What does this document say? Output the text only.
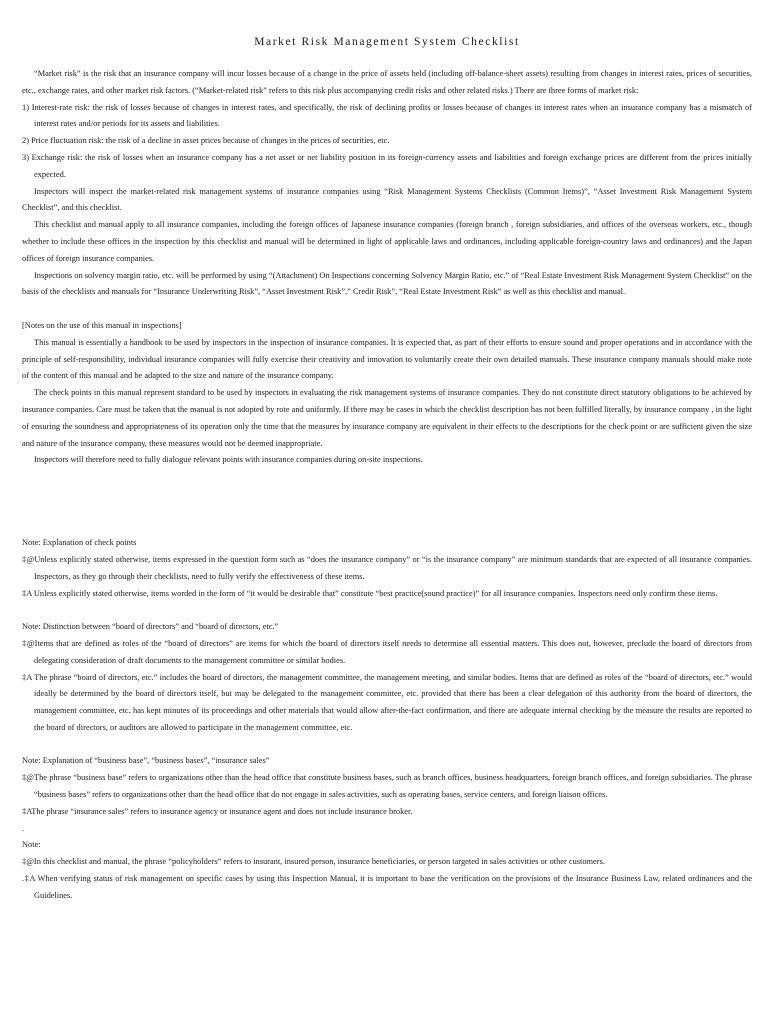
Market Risk Management System Checklist

“Market risk” is the risk that an insurance company will incur losses because of a change in the price of assets held (including off-balance-sheet assets) resulting from changes in interest rates, prices of securities, etc., exchange rates, and other market risk factors. (“Market-related risk” refers to this risk plus accompanying credit risks and other related risks.) There are three forms of market risk:

1) Interest-rate risk: the risk of losses because of changes in interest rates, and specifically, the risk of declining profits or losses because of changes in interest rates when an insurance company has a mismatch of interest rates and/or periods for its assets and liabilities.

2) Price fluctuation risk: the risk of a decline in asset prices because of changes in the prices of securities, etc.

3) Exchange risk: the risk of losses when an insurance company has a net asset or net liability position in its foreign-currency assets and liabilities and foreign exchange prices are different from the prices initially expected.

Inspectors will inspect the market-related risk management systems of insurance companies using “Risk Management Systems Checklists (Common Items)”, “Asset Investment Risk Management System Checklist”, and this checklist.

This checklist and manual apply to all insurance companies, including the foreign offices of Japanese insurance companies (foreign branch , foreign subsidiaries, and offices of the overseas workers, etc., though whether to include these offices in the inspection by this checklist and manual will be determined in light of applicable laws and ordinances, including applicable foreign-country laws and ordinances) and the Japan offices of foreign insurance companies.

Inspections on solvency margin ratio, etc. will be performed by using “(Attachment) On Inspections concerning Solvency Margin Ratio, etc.” of “Real Estate Investment Risk Management System Checklist” on the basis of the checklists and manuals for “Insurance Underwriting Risk”, “Asset Investment Risk”,” Credit Risk”, “Real Estate Investment Risk” as well as this checklist and manual.

[Notes on the use of this manual in inspections]

This manual is essentially a handbook to be used by inspectors in the inspection of insurance companies. It is expected that, as part of their efforts to ensure sound and proper operations and in accordance with the principle of self-responsibility, individual insurance companies will fully exercise their creativity and innovation to voluntarily create their own detailed manuals. These insurance company manuals should make note of the content of this manual and be adapted to the size and nature of the insurance company.

The check points in this manual represent standard to be used by inspectors in evaluating the risk management systems of insurance companies. They do not constitute direct statutory obligations to be achieved by insurance companies. Care must be taken that the manual is not adopted by rote and uniformly. If there may be cases in which the checklist description has not been fulfilled literally, by insurance company , in the light of ensuring the soundness and appropriateness of its operation only the time that the measures by insurance company are equivalent in their effects to the descriptions for the check point or are sufficient given the size and nature of the insurance company, these measures would not be deemed inappropriate.

Inspectors will therefore need to fully dialogue relevant points with insurance companies during on-site inspections.

Note: Explanation of check points

‡@Unless explicitly stated otherwise, items expressed in the question form such as “does the insurance company” or “is the insurance company” are minimum standards that are expected of all insurance companies. Inspectors, as they go through their checklists, need to fully verify the effectiveness of these items.

‡A Unless explicitly stated otherwise, items worded in the form of “it would be desirable that” constitute “best practice(sound practice)” for all insurance companies. Inspectors need only confirm these items.

Note: Distinction between “board of directors” and “board of directors, etc.”

‡@Items that are defined as roles of the “board of directors” are items for which the board of directors itself needs to determine all essential matters. This does not, however, preclude the board of directors from delegating consideration of draft documents to the management committee or similar bodies.

‡A The phrase “board of directors, etc.” includes the board of directors, the management committee, the management meeting, and similar bodies. Items that are defined as roles of the “board of directors, etc.” would ideally be determined by the board of directors itself, but may be delegated to the management committee, etc. provided that there has been a clear delegation of this authority from the board of directors, the management committee, etc. has kept minutes of its proceedings and other materials that would allow after-the-fact confirmation, and there are adequate internal checking by the measure the results are reported to the board of directors, or auditors are allowed to participate in the management committee, etc.

Note: Explanation of “business base”, “business bases”, “insurance sales”

‡@The phrase “business base” refers to organizations other than the head office that constitute business bases, such as branch offices, business headquarters, foreign branch offices, and foreign subsidiaries. The phrase “business bases” refers to organizations other than the head office that do not engage in sales activities, such as operating bases, service centers, and foreign liaison offices.

‡AThe phrase “insurance sales” refers to insurance agency or insurance agent and does not include insurance broker.

.

Note:

‡@In this checklist and manual, the phrase “policyholders” refers to insurant, insured person, insurance beneficiaries, or person targeted in sales activities or other customers.

.‡A When verifying status of risk management on specific cases by using this Inspection Manual, it is important to base the verification on the provisions of the Insurance Business Law, related ordinances and the Guidelines.
